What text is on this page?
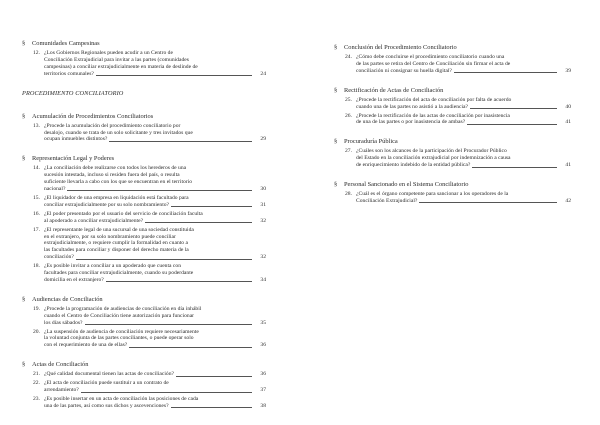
§	Comunidades Campesinas
12. ¿Los Gobiernos Regionales pueden acudir a un Centro de
Conciliación Extrajudicial para invitar a las partes (comunidades
campesinas) a conciliar extrajudicialmente en materia de deslinde de
territorios comunales?	24
PROCEDIMIENTO CONCILIATORIO
§	Acumulación de Procedimientos Conciliatorios
13. ¿Procede la acumulación del procedimiento conciliatorio por
desalojo, cuando se trata de un solo solicitante y tres invitados que
ocupan inmuebles distintos?	29
§	Representación Legal y Poderes
14. ¿La conciliación debe realizarse con todos los herederos de una
sucesión intestada, incluso si residen fuera del país, o resulta
suficiente llevarla a cabo con los que se encuentran en el territorio
nacional?	30
15. ¿El liquidador de una empresa en liquidación está facultado para
conciliar extrajudicialmente por su solo nombramiento?	31
16. ¿El poder presentado por el usuario del servicio de conciliación faculta
al apoderado a conciliar extrajudicialmente?	32
17. ¿El representante legal de una sucursal de una sociedad constituida
en el extranjero, por su solo nombramiento puede conciliar
extrajudicialmente, o requiere cumplir la formalidad en cuanto a
las facultades para conciliar y disponer del derecho materia de la
conciliación?	32
18. ¿Es posible invitar a conciliar a un apoderado que cuenta con
facultades para conciliar extrajudicialmente, cuando su poderdante
domicilia en el extranjero?	34
§	Audiencias de Conciliación
19. ¿Procede la programación de audiencias de conciliación en día inhábil
cuando el Centro de Conciliación tiene autorización para funcionar
los días sábados?	35
20. ¿La suspensión de audiencia de conciliación requiere necesariamente
la voluntad conjunta de las partes conciliantes, o puede operar solo
con el requerimiento de una de ellas?	36
§	Actas de Conciliación
21. ¿Qué calidad documental tienen las actas de conciliación?	36
22. ¿El acta de conciliación puede sustituir a un contrato de
arrendamiento?	37
23. ¿Es posible insertar en un acta de conciliación las posiciones de cada
una de las partes, así como sus dichos y ascevenciones?	38
§	Conclusión del Procedimiento Conciliatorio
24. ¿Cómo debe concluirse el procedimiento conciliatorio cuando una
de las partes se retira del Centro de Conciliación sin firmar el acta de
conciliación ni consignar su huella digital?	39
§	Rectificación de Actas de Conciliación
25. ¿Procede la rectificación del acta de conciliación por falta de acuerdo
cuando una de las partes no asistió a la audiencia?	40
26. ¿Procede la rectificación de las actas de conciliación por inasistencia
de una de las partes o por inasistencia de ambas?	41
§	Procuraduría Pública
27. ¿Cuáles son los alcances de la participación del Procurador Público
del Estado en la conciliación extrajudicial por indemnización a causa
de enriquecimiento indebido de la entidad pública?	41
§	Personal Sancionado en el Sistema Conciliatorio
28. ¿Cuál es el órgano competente para sancionar a los operadores de la
Conciliación Extrajudicial?	42
